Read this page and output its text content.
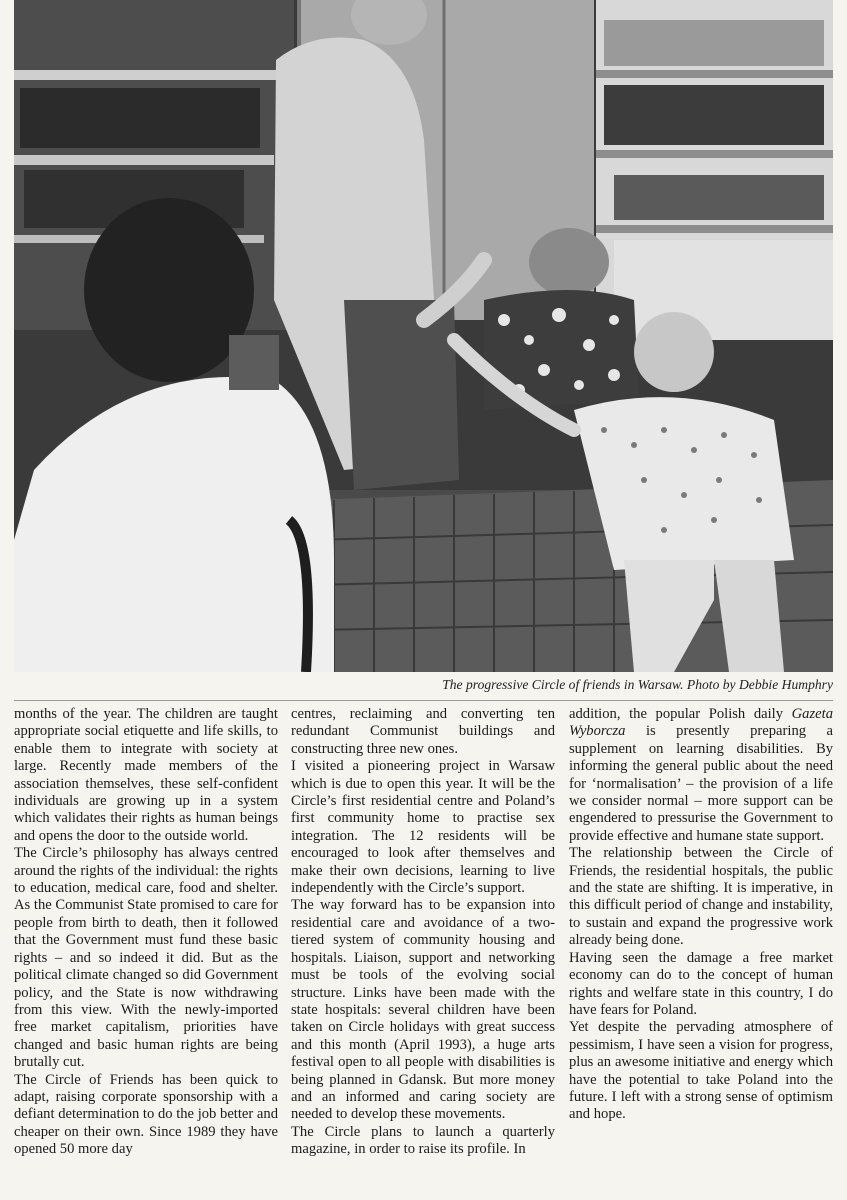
The progressive Circle of friends in Warsaw. Photo by Debbie Humphry

months of the year. The children are taught appropriate social etiquette and life skills, to enable them to integrate with society at large. Recently made members of the association themselves, these self-confident individuals are growing up in a system which validates their rights as human beings and opens the door to the outside world.

The Circle’s philosophy has always centred around the rights of the individual: the rights to education, medical care, food and shelter. As the Communist State promised to care for people from birth to death, then it followed that the Government must fund these basic rights – and so indeed it did. But as the political climate changed so did Government policy, and the State is now withdrawing from this view. With the newly-imported free market capitalism, priorities have changed and basic human rights are being brutally cut.

The Circle of Friends has been quick to adapt, raising corporate sponsorship with a defiant determination to do the job better and cheaper on their own. Since 1989 they have opened 50 more day

centres, reclaiming and converting ten redundant Communist buildings and constructing three new ones.

I visited a pioneering project in Warsaw which is due to open this year. It will be the Circle’s first residential centre and Poland’s first community home to practise sex integration. The 12 residents will be encouraged to look after themselves and make their own decisions, learning to live independently with the Circle’s support.

The way forward has to be expansion into residential care and avoidance of a two-tiered system of community housing and hospitals. Liaison, support and networking must be tools of the evolving social structure. Links have been made with the state hospitals: several children have been taken on Circle holidays with great success and this month (April 1993), a huge arts festival open to all people with disabilities is being planned in Gdansk. But more money and an informed and caring society are needed to develop these movements.

The Circle plans to launch a quarterly magazine, in order to raise its profile. In

addition, the popular Polish daily Gazeta Wyborcza is presently preparing a supplement on learning disabilities. By informing the general public about the need for ‘normalisation’ – the provision of a life we consider normal – more support can be engendered to pressurise the Government to provide effective and humane state support.

The relationship between the Circle of Friends, the residential hospitals, the public and the state are shifting. It is imperative, in this difficult period of change and instability, to sustain and expand the progressive work already being done.

Having seen the damage a free market economy can do to the concept of human rights and welfare state in this country, I do have fears for Poland.

Yet despite the pervading atmosphere of pessimism, I have seen a vision for progress, plus an awesome initiative and energy which have the potential to take Poland into the future. I left with a strong sense of optimism and hope.
